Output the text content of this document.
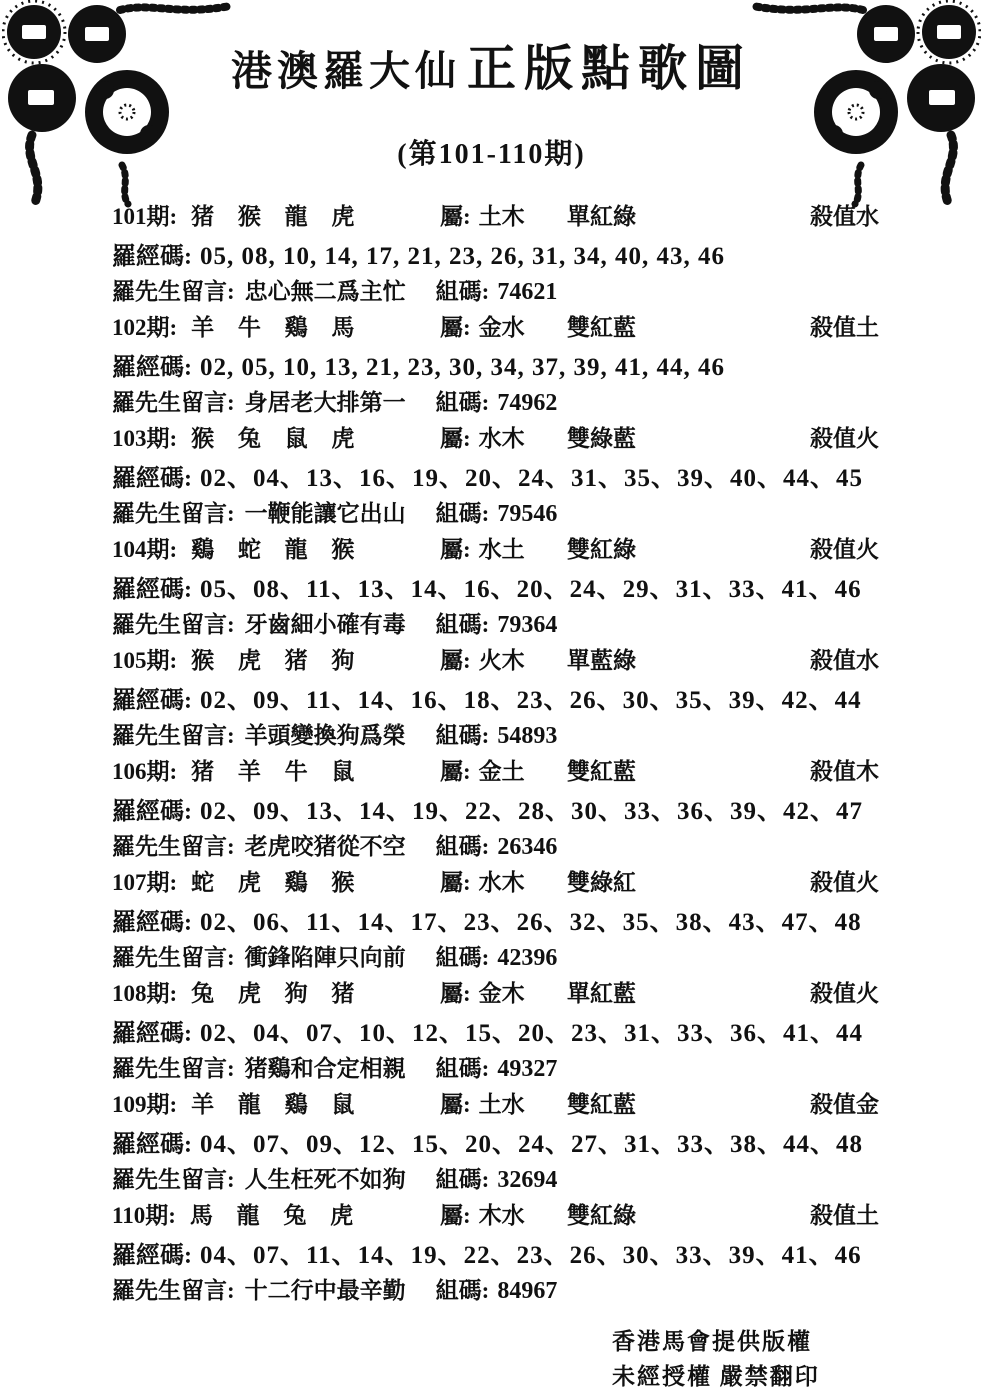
港澳羅大仙 正版點歌圖
(第101-110期)
101期: 猪 猴 龍 虎	屬: 土木	單紅綠	殺值水
羅經碼: 05, 08, 10, 14, 17, 21, 23, 26, 31, 34, 40, 43, 46
羅先生留言: 忠心無二爲主忙 組碼: 74621
102期: 羊 牛 鷄 馬	屬: 金水	雙紅藍	殺值土
羅經碼: 02, 05, 10, 13, 21, 23, 30, 34, 37, 39, 41, 44, 46
羅先生留言: 身居老大排第一 組碼: 74962
103期: 猴 兔 鼠 虎	屬: 水木	雙綠藍	殺值火
羅經碼: 02、04、13、16、19、20、24、31、35、39、40、44、45
羅先生留言: 一鞭能讓它出山 組碼: 79546
104期: 鷄 蛇 龍 猴	屬: 水土	雙紅綠	殺值火
羅經碼: 05、08、11、13、14、16、20、24、29、31、33、41、46
羅先生留言: 牙齒細小確有毒 組碼: 79364
105期: 猴 虎 猪 狗	屬: 火木	單藍綠	殺值水
羅經碼: 02、09、11、14、16、18、23、26、30、35、39、42、44
羅先生留言: 羊頭變換狗爲榮 組碼: 54893
106期: 猪 羊 牛 鼠	屬: 金土	雙紅藍	殺值木
羅經碼: 02、09、13、14、19、22、28、30、33、36、39、42、47
羅先生留言: 老虎咬猪從不空 組碼: 26346
107期: 蛇 虎 鷄 猴	屬: 水木	雙綠紅	殺值火
羅經碼: 02、06、11、14、17、23、26、32、35、38、43、47、48
羅先生留言: 衝鋒陷陣只向前 組碼: 42396
108期: 兔 虎 狗 猪	屬: 金木	單紅藍	殺值火
羅經碼: 02、04、07、10、12、15、20、23、31、33、36、41、44
羅先生留言: 猪鷄和合定相親 組碼: 49327
109期: 羊 龍 鷄 鼠	屬: 土水	雙紅藍	殺值金
羅經碼: 04、07、09、12、15、20、24、27、31、33、38、44、48
羅先生留言: 人生枉死不如狗 組碼: 32694
110期: 馬 龍 兔 虎	屬: 木水	雙紅綠	殺值土
羅經碼: 04、07、11、14、19、22、23、26、30、33、39、41、46
羅先生留言: 十二行中最辛勤 組碼: 84967
香港馬會提供版權
未經授權 嚴禁翻印
